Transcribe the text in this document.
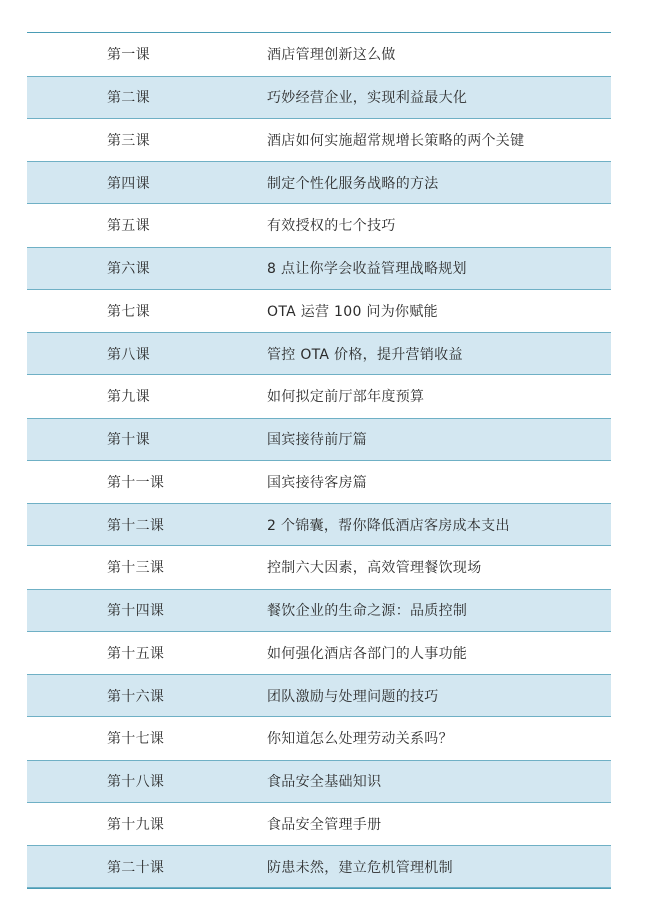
第一课	酒店管理创新这么做
第二课	巧妙经营企业，实现利益最大化
第三课	酒店如何实施超常规增长策略的两个关键
第四课	制定个性化服务战略的方法
第五课	有效授权的七个技巧
第六课	8 点让你学会收益管理战略规划
第七课	OTA 运营 100 问为你赋能
第八课	管控 OTA 价格，提升营销收益
第九课	如何拟定前厅部年度预算
第十课	国宾接待前厅篇
第十一课	国宾接待客房篇
第十二课	2 个锦囊，帮你降低酒店客房成本支出
第十三课	控制六大因素，高效管理餐饮现场
第十四课	餐饮企业的生命之源：品质控制
第十五课	如何强化酒店各部门的人事功能
第十六课	团队激励与处理问题的技巧
第十七课	你知道怎么处理劳动关系吗？
第十八课	食品安全基础知识
第十九课	食品安全管理手册
第二十课	防患未然，建立危机管理机制
